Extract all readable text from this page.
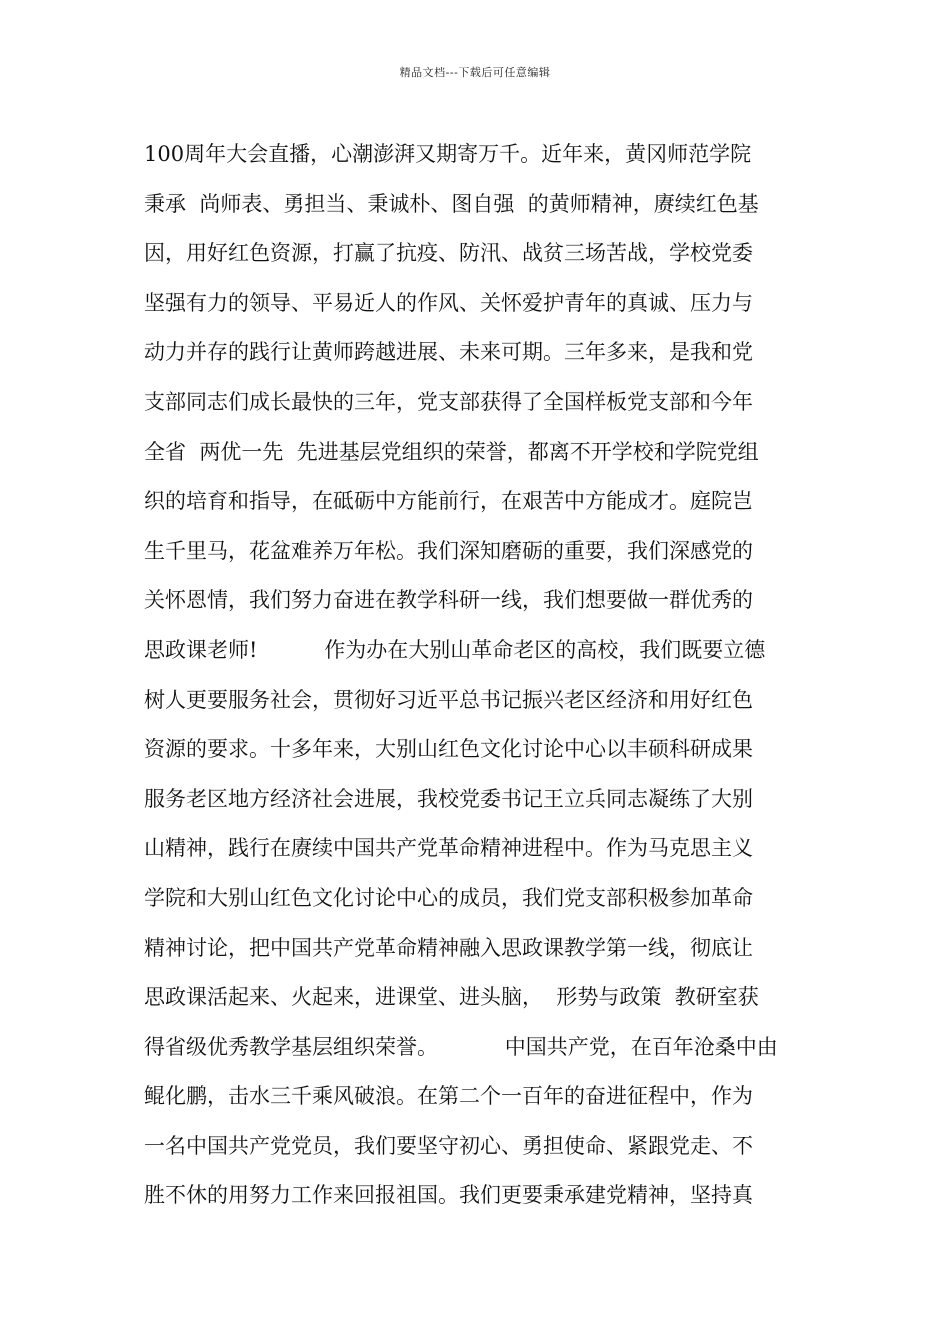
精品文档---下载后可任意编辑
100周年大会直播，心潮澎湃又期寄万千。近年来，黄冈师范学院
秉承  尚师表、勇担当、秉诚朴、图自强  的黄师精神，赓续红色基
因，用好红色资源，打赢了抗疫、防汛、战贫三场苦战，学校党委
坚强有力的领导、平易近人的作风、关怀爱护青年的真诚、压力与
动力并存的践行让黄师跨越进展、未来可期。三年多来，是我和党
支部同志们成长最快的三年，党支部获得了全国样板党支部和今年
全省  两优一先  先进基层党组织的荣誉，都离不开学校和学院党组
织的培育和指导，在砥砺中方能前行，在艰苦中方能成才。庭院岂
生千里马，花盆难养万年松。我们深知磨砺的重要，我们深感党的
关怀恩情，我们努力奋进在教学科研一线，我们想要做一群优秀的
思政课老师!          作为办在大别山革命老区的高校，我们既要立德
树人更要服务社会，贯彻好习近平总书记振兴老区经济和用好红色
资源的要求。十多年来，大别山红色文化讨论中心以丰硕科研成果
服务老区地方经济社会进展，我校党委书记王立兵同志凝练了大别
山精神，践行在赓续中国共产党革命精神进程中。作为马克思主义
学院和大别山红色文化讨论中心的成员，我们党支部积极参加革命
精神讨论，把中国共产党革命精神融入思政课教学第一线，彻底让
思政课活起来、火起来，进课堂、进头脑，  形势与政策  教研室获
得省级优秀教学基层组织荣誉。          中国共产党，在百年沧桑中由
鲲化鹏，击水三千乘风破浪。在第二个一百年的奋进征程中，作为
一名中国共产党党员，我们要坚守初心、勇担使命、紧跟党走、不
胜不休的用努力工作来回报祖国。我们更要秉承建党精神，坚持真
